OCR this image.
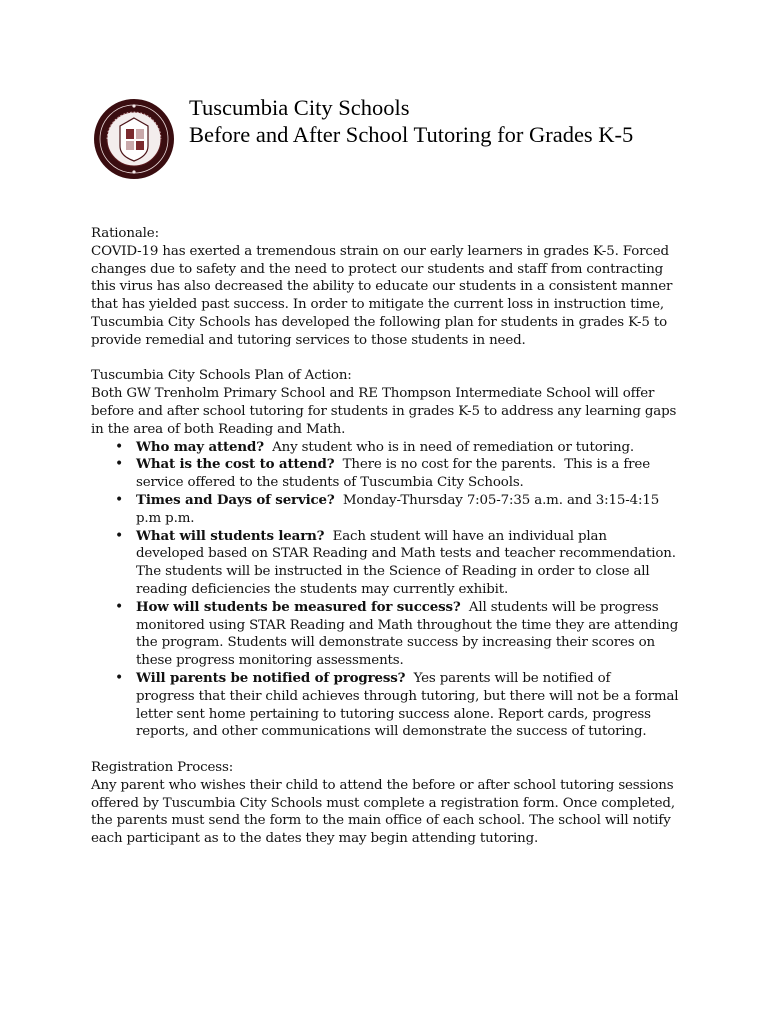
Tuscumbia City Schools
Before and After School Tutoring for Grades K-5

Rationale:

COVID-19 has exerted a tremendous strain on our early learners in grades K-5. Forced

changes due to safety and the need to protect our students and staff from contracting

this virus has also decreased the ability to educate our students in a consistent manner

that has yielded past success. In order to mitigate the current loss in instruction time,

Tuscumbia City Schools has developed the following plan for students in grades K-5 to

provide remedial and tutoring services to those students in need.

Tuscumbia City Schools Plan of Action:

Both GW Trenholm Primary School and RE Thompson Intermediate School will offer

before and after school tutoring for students in grades K-5 to address any learning gaps

in the area of both Reading and Math.

• Who may attend?  Any student who is in need of remediation or tutoring.

• What is the cost to attend?  There is no cost for the parents.  This is a free

service offered to the students of Tuscumbia City Schools.

• Times and Days of service?  Monday-Thursday 7:05-7:35 a.m. and 3:15-4:15

p.m p.m.

• What will students learn?  Each student will have an individual plan

developed based on STAR Reading and Math tests and teacher recommendation.

The students will be instructed in the Science of Reading in order to close all

reading deficiencies the students may currently exhibit.

• How will students be measured for success?  All students will be progress

monitored using STAR Reading and Math throughout the time they are attending

the program. Students will demonstrate success by increasing their scores on

these progress monitoring assessments.

• Will parents be notified of progress?  Yes parents will be notified of

progress that their child achieves through tutoring, but there will not be a formal

letter sent home pertaining to tutoring success alone. Report cards, progress

reports, and other communications will demonstrate the success of tutoring.

Registration Process:

Any parent who wishes their child to attend the before or after school tutoring sessions

offered by Tuscumbia City Schools must complete a registration form. Once completed,

the parents must send the form to the main office of each school. The school will notify

each participant as to the dates they may begin attending tutoring.
